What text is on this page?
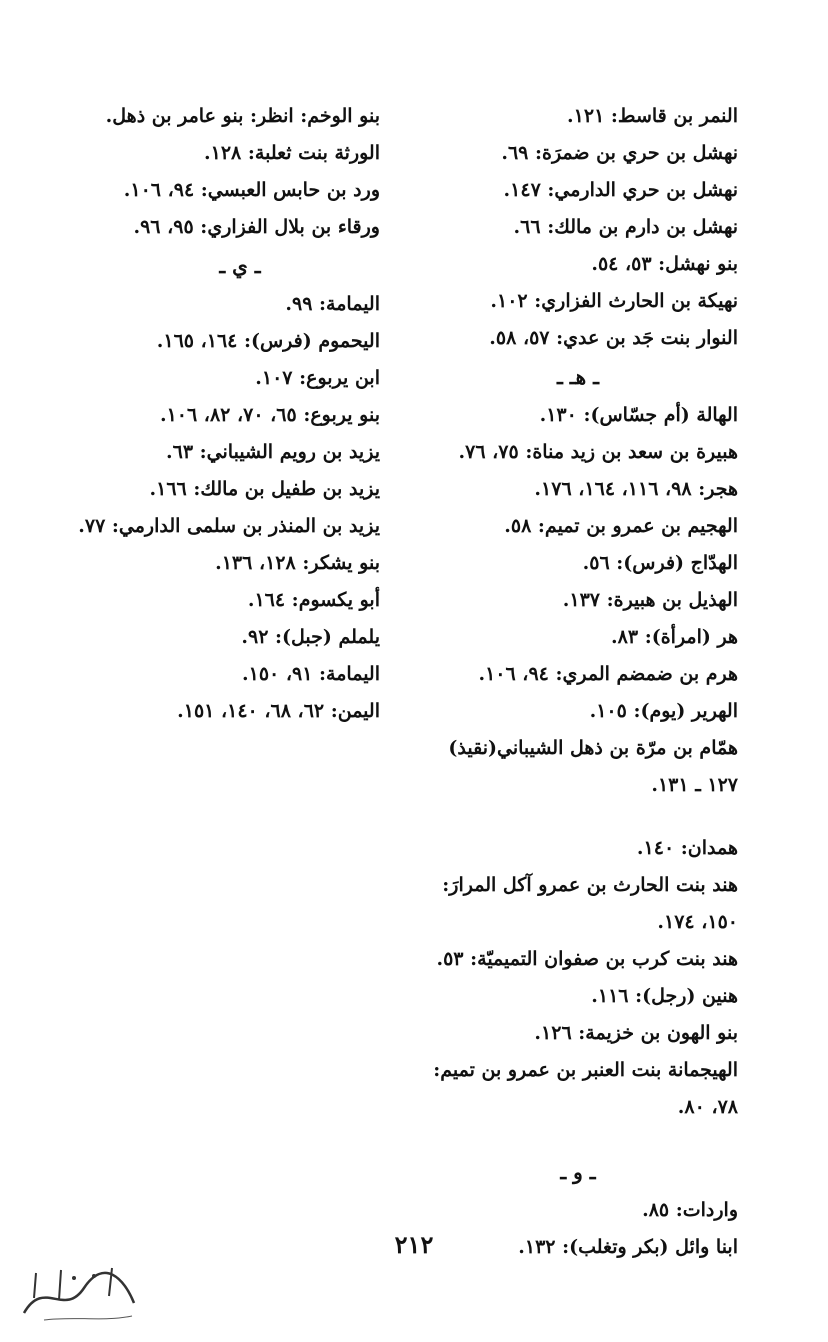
النمر بن قاسط: ١٢١.
نهشل بن حري بن ضمرَة: ٦٩.
نهشل بن حري الدارمي: ١٤٧.
نهشل بن دارم بن مالك: ٦٦.
بنو نهشل: ٥٣، ٥٤.
نهيكة بن الحارث الفزاري: ١٠٢.
النوار بنت جَد بن عدي: ٥٧، ٥٨.
ـ هـ ـ
الهالة (أم جسّاس): ١٣٠.
هبيرة بن سعد بن زيد مناة: ٧٥، ٧٦.
هجر: ٩٨، ١١٦، ١٦٤، ١٧٦.
الهجيم بن عمرو بن تميم: ٥٨.
الهدّاج (فرس): ٥٦.
الهذيل بن هبيرة: ١٣٧.
هر (امرأة): ٨٣.
هرم بن ضمضم المري: ٩٤، ١٠٦.
الهرير (يوم): ١٠٥.
همّام بن مرّة بن ذهل الشيباني(نقيذ)
١٢٧ ـ ١٣١.
همدان: ١٤٠.
هند بنت الحارث بن عمرو آكل المرارَ:
١٥٠، ١٧٤.
هند بنت كرب بن صفوان التميميّة: ٥٣.
هنين (رجل): ١١٦.
بنو الهون بن خزيمة: ١٢٦.
الهيجمانة بنت العنبر بن عمرو بن تميم:
٧٨، ٨٠.
ـ و ـ
واردات: ٨٥.
ابنا وائل (بكر وتغلب): ١٣٢.
بنو الوخم: انظر: بنو عامر بن ذهل.
الورثة بنت ثعلبة: ١٢٨.
ورد بن حابس العبسي: ٩٤، ١٠٦.
ورقاء بن بلال الفزاري: ٩٥، ٩٦.
ـ ي ـ
اليمامة: ٩٩.
اليحموم (فرس): ١٦٤، ١٦٥.
ابن يربوع: ١٠٧.
بنو يربوع: ٦٥، ٧٠، ٨٢، ١٠٦.
يزيد بن رويم الشيباني: ٦٣.
يزيد بن طفيل بن مالك: ١٦٦.
يزيد بن المنذر بن سلمى الدارمي: ٧٧.
بنو يشكر: ١٢٨، ١٣٦.
أبو يكسوم: ١٦٤.
يلملم (جبل): ٩٢.
اليمامة: ٩١، ١٥٠.
اليمن: ٦٢، ٦٨، ١٤٠، ١٥١.
٢١٢
